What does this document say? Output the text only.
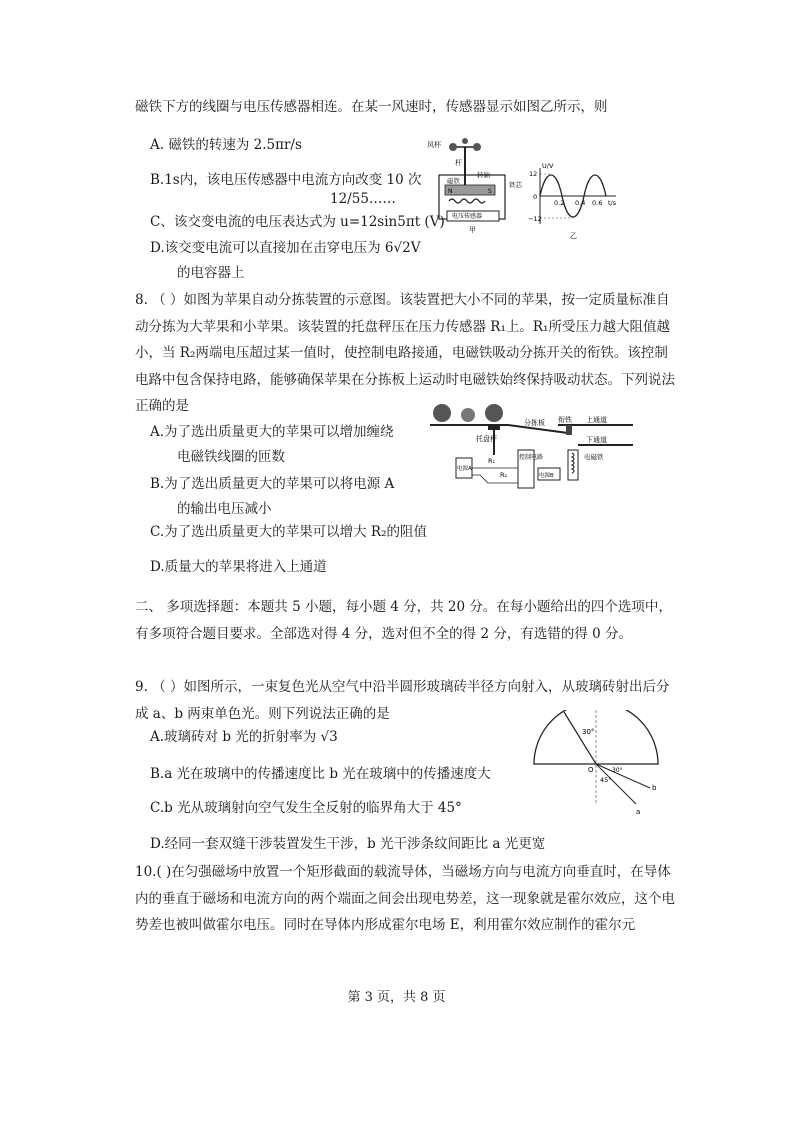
磁铁下方的线圈与电压传感器相连。在某一风速时，传感器显示如图乙所示，则
A. 磁铁的转速为 2.5πr/s
B.1s内，该电压传感器中电流方向改变 10 次
12/55……
C、该交变电流的电压表达式为 u=12sin5πt (V)
D.该交变电流可以直接加在击穿电压为 6√2V
的电容器上
风杯
杆
转轴
磁铁
N	S
铁芯
电压传感器
甲
U/V
12
0
−12
0.2 0.4 0.6 t/s
乙
8. （ ）如图为苹果自动分拣装置的示意图。该装置把大小不同的苹果，按一定质量标准自动分拣为大苹果和小苹果。该装置的托盘秤压在压力传感器 R₁上。R₁所受压力越大阻值越小，当 R₂两端电压超过某一值时，使控制电路接通，电磁铁吸动分拣开关的衔铁。该控制电路中包含保持电路，能够确保苹果在分拣板上运动时电磁铁始终保持吸动状态。下列说法正确的是
A.为了选出质量更大的苹果可以增加缠绕
电磁铁线圈的匝数
B.为了选出质量更大的苹果可以将电源 A
的输出电压减小
C.为了选出质量更大的苹果可以增大 R₂的阻值
D.质量大的苹果将进入上通道
分拣板 衔铁 上通道
下通道
托盘秤
R₁
R₂
控制电路
电源A
电源B
电磁铁
二、 多项选择题：本题共 5 小题，每小题 4 分，共 20 分。在每小题给出的四个选项中，有多项符合题目要求。全部选对得 4 分，选对但不全的得 2 分，有选错的得 0 分。
9. （ ）如图所示，一束复色光从空气中沿半圆形玻璃砖半径方向射入，从玻璃砖射出后分成 a、b 两束单色光。则下列说法正确的是
A.玻璃砖对 b 光的折射率为 √3
B.a 光在玻璃中的传播速度比 b 光在玻璃中的传播速度大
C.b 光从玻璃射向空气发生全反射的临界角大于 45°
D.经同一套双缝干涉装置发生干涉，b 光干涉条纹间距比 a 光更宽
30°
O	30°
45°
b
a
10.( )在匀强磁场中放置一个矩形截面的载流导体，当磁场方向与电流方向垂直时，在导体内的垂直于磁场和电流方向的两个端面之间会出现电势差，这一现象就是霍尔效应，这个电势差也被叫做霍尔电压。同时在导体内形成霍尔电场 E，利用霍尔效应制作的霍尔元
第 3 页，共 8 页
